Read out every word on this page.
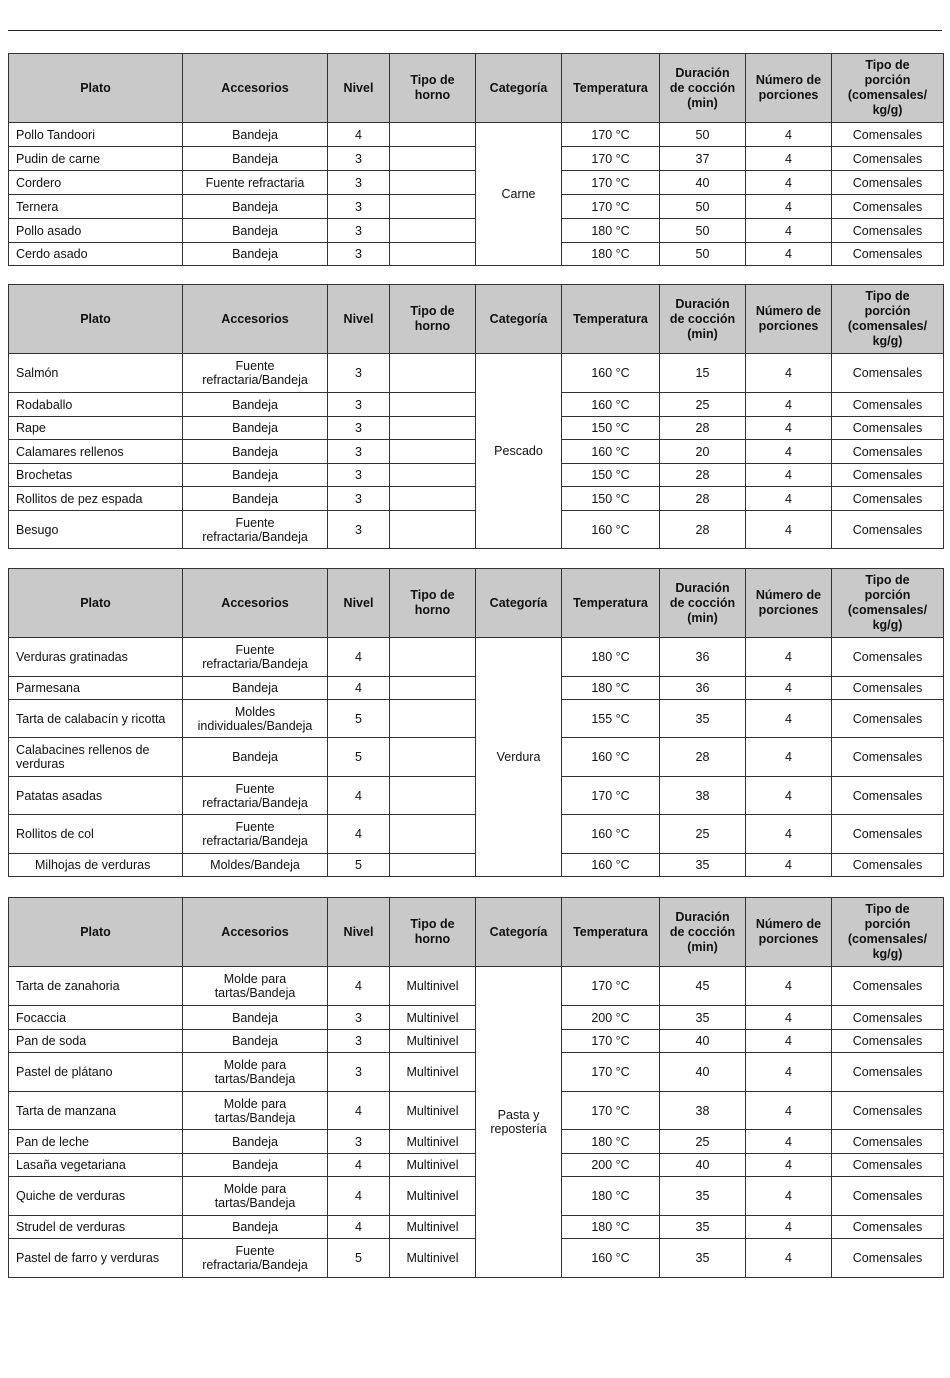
Plato	Accesorios	Nivel	Tipo de
horno	Categoría	Temperatura	Duración
de cocción
(min)	Número de
porciones	Tipo de
porción
(comensales/
kg/g)
Pollo Tandoori	Bandeja	4		Carne	170 °C	50	4	Comensales
Pudin de carne	Bandeja	3			170 °C	37	4	Comensales
Cordero	Fuente refractaria	3			170 °C	40	4	Comensales
Ternera	Bandeja	3			170 °C	50	4	Comensales
Pollo asado	Bandeja	3			180 °C	50	4	Comensales
Cerdo asado	Bandeja	3			180 °C	50	4	Comensales
Plato	Accesorios	Nivel	Tipo de
horno	Categoría	Temperatura	Duración
de cocción
(min)	Número de
porciones	Tipo de
porción
(comensales/
kg/g)
Salmón	Fuente
refractaria/Bandeja	3		Pescado	160 °C	15	4	Comensales
Rodaballo	Bandeja	3			160 °C	25	4	Comensales
Rape	Bandeja	3			150 °C	28	4	Comensales
Calamares rellenos	Bandeja	3			160 °C	20	4	Comensales
Brochetas	Bandeja	3			150 °C	28	4	Comensales
Rollitos de pez espada	Bandeja	3			150 °C	28	4	Comensales
Besugo	Fuente
refractaria/Bandeja	3			160 °C	28	4	Comensales
Plato	Accesorios	Nivel	Tipo de
horno	Categoría	Temperatura	Duración
de cocción
(min)	Número de
porciones	Tipo de
porción
(comensales/
kg/g)
Verduras gratinadas	Fuente
refractaria/Bandeja	4		Verdura	180 °C	36	4	Comensales
Parmesana	Bandeja	4			180 °C	36	4	Comensales
Tarta de calabacín y ricotta	Moldes
individuales/Bandeja	5			155 °C	35	4	Comensales
Calabacines rellenos de
verduras	Bandeja	5			160 °C	28	4	Comensales
Patatas asadas	Fuente
refractaria/Bandeja	4			170 °C	38	4	Comensales
Rollitos de col	Fuente
refractaria/Bandeja	4			160 °C	25	4	Comensales
Milhojas de verduras	Moldes/Bandeja	5			160 °C	35	4	Comensales
Plato	Accesorios	Nivel	Tipo de
horno	Categoría	Temperatura	Duración
de cocción
(min)	Número de
porciones	Tipo de
porción
(comensales/
kg/g)
Tarta de zanahoria	Molde para
tartas/Bandeja	4	Multinivel	Pasta y
repostería	170 °C	45	4	Comensales
Focaccia	Bandeja	3	Multinivel		200 °C	35	4	Comensales
Pan de soda	Bandeja	3	Multinivel		170 °C	40	4	Comensales
Pastel de plátano	Molde para
tartas/Bandeja	3	Multinivel		170 °C	40	4	Comensales
Tarta de manzana	Molde para
tartas/Bandeja	4	Multinivel		170 °C	38	4	Comensales
Pan de leche	Bandeja	3	Multinivel		180 °C	25	4	Comensales
Lasaña vegetariana	Bandeja	4	Multinivel		200 °C	40	4	Comensales
Quiche de verduras	Molde para
tartas/Bandeja	4	Multinivel		180 °C	35	4	Comensales
Strudel de verduras	Bandeja	4	Multinivel		180 °C	35	4	Comensales
Pastel de farro y verduras	Fuente
refractaria/Bandeja	5	Multinivel		160 °C	35	4	Comensales
